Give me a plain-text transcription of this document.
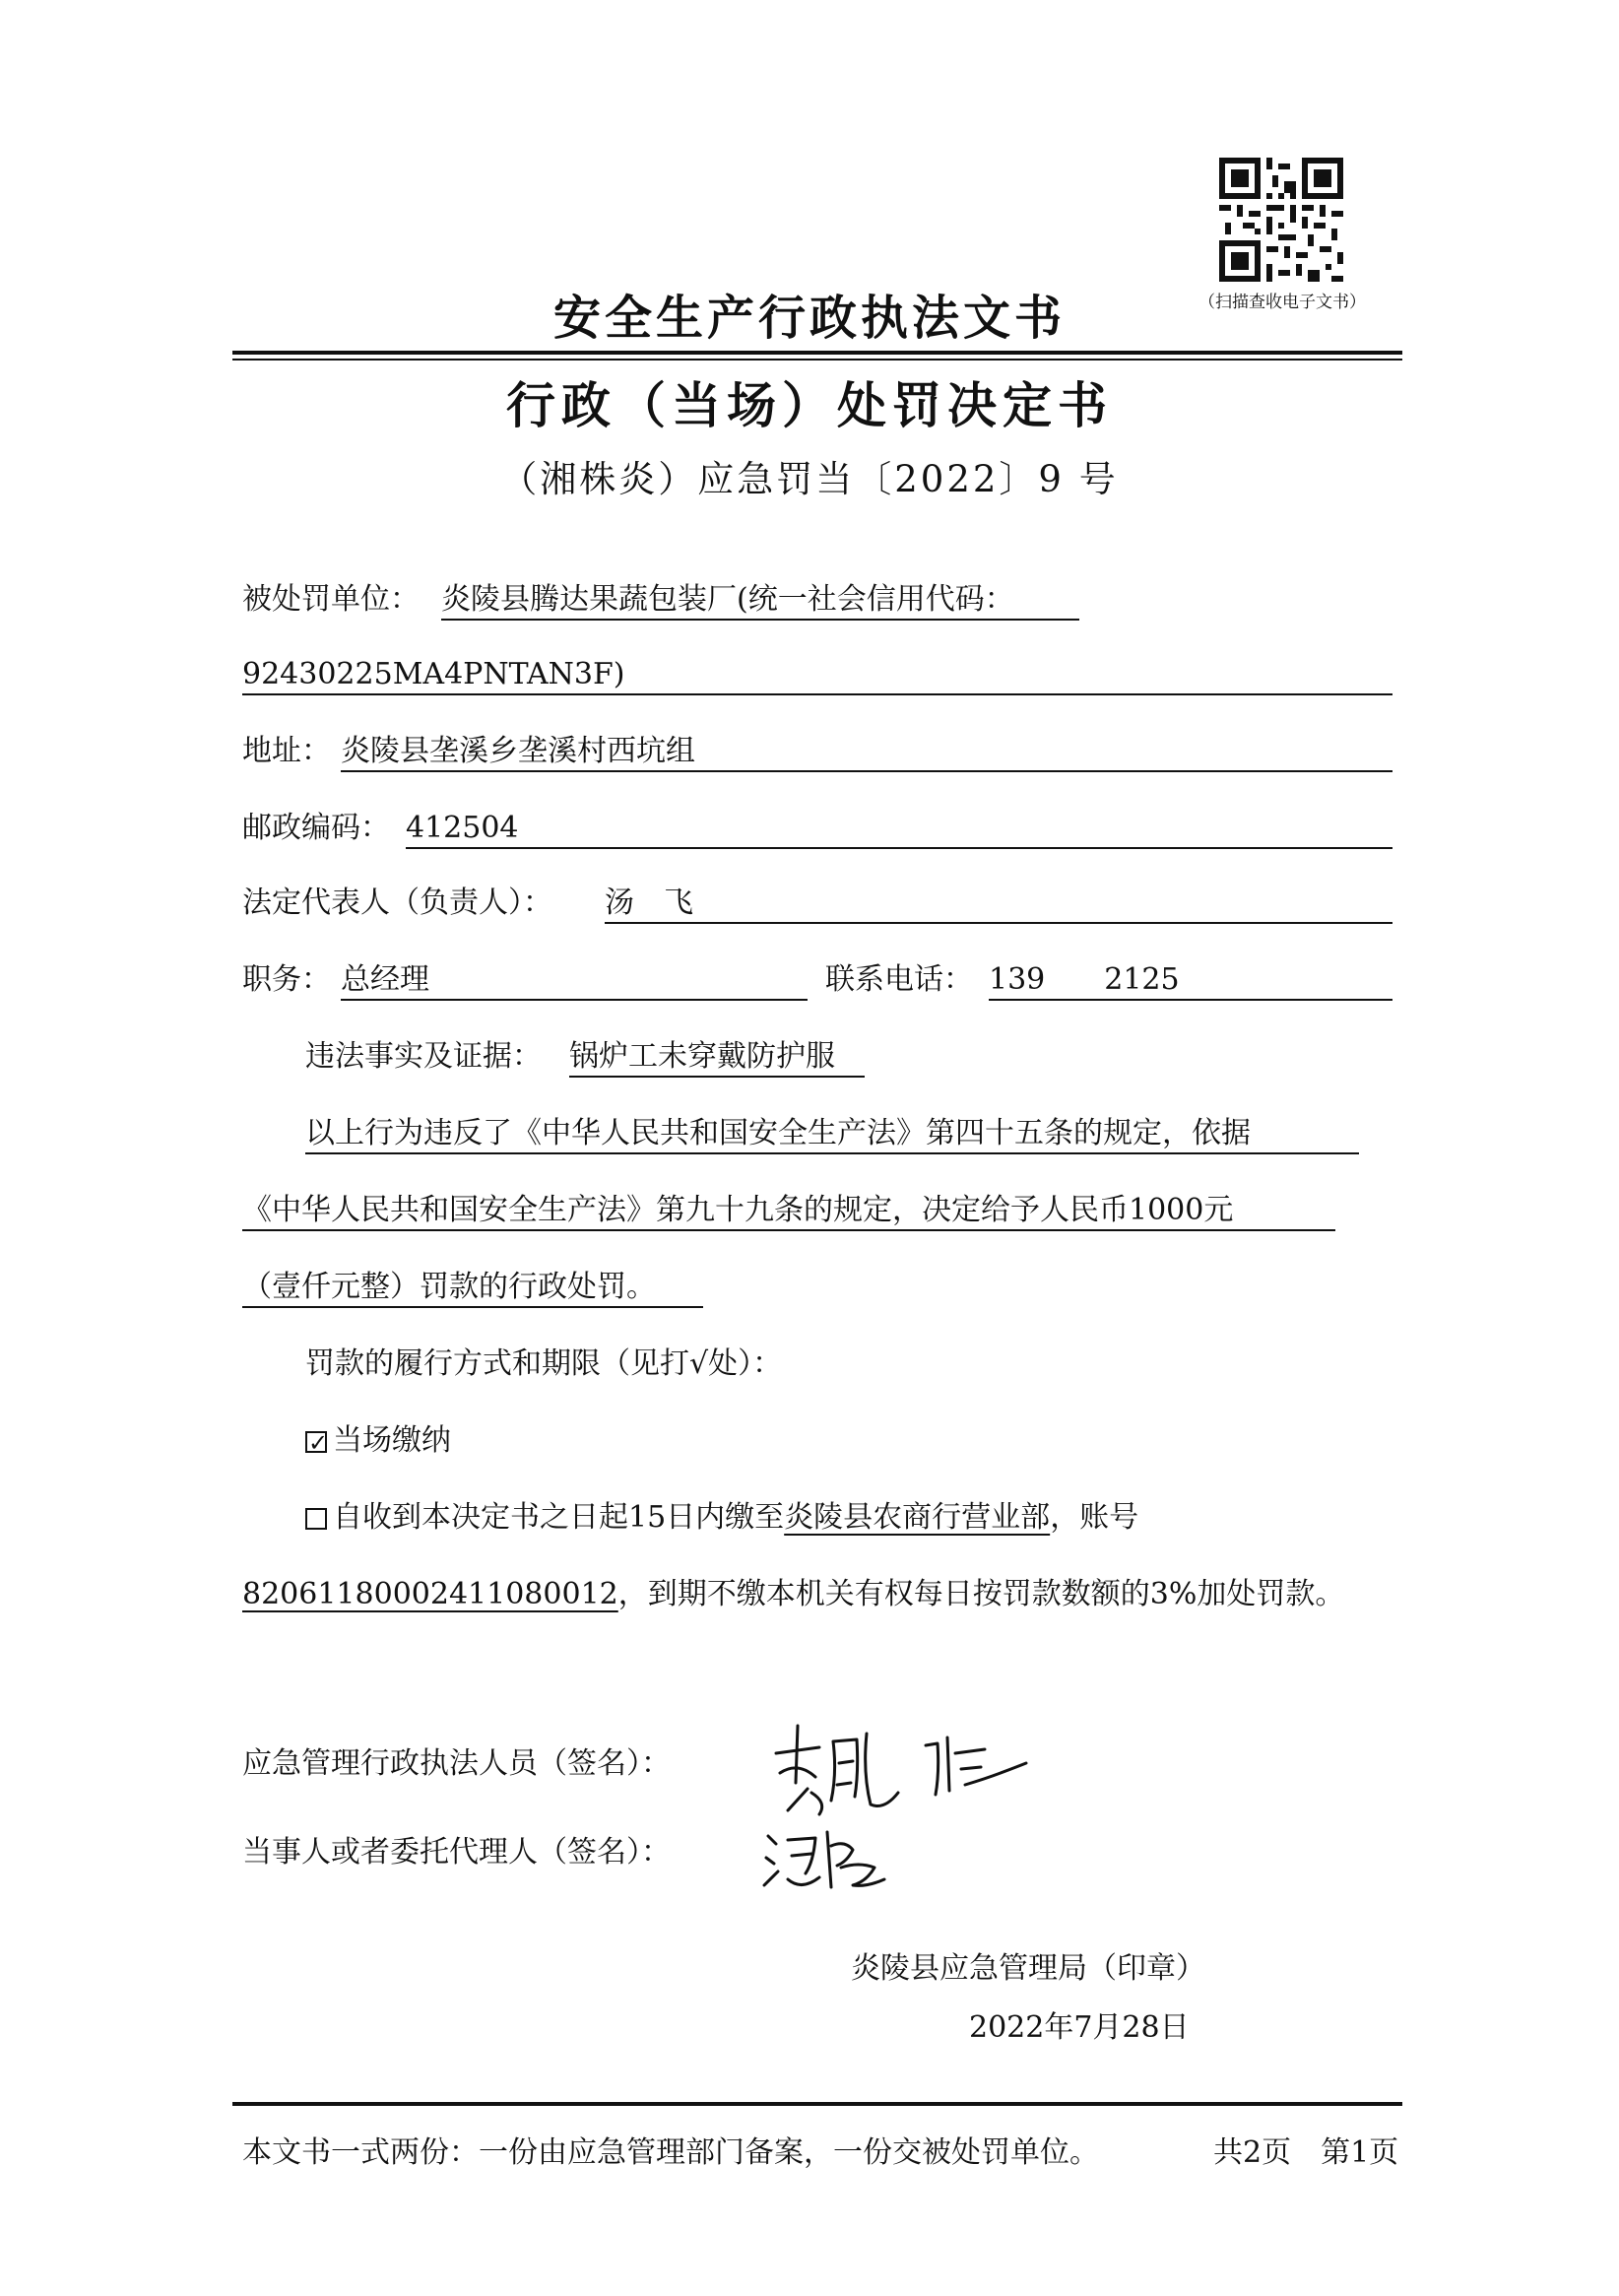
（扫描查收电子文书）
安全生产行政执法文书
行政（当场）处罚决定书
（湘株炎）应急罚当〔2022〕9 号
被处罚单位： 炎陵县腾达果蔬包装厂(统一社会信用代码：
92430225MA4PNTAN3F)
地址： 炎陵县垄溪乡垄溪村西坑组
邮政编码： 412504
法定代表人（负责人）： 汤　飞
职务： 总经理	联系电话： 139　　2125
违法事实及证据： 锅炉工未穿戴防护服
以上行为违反了《中华人民共和国安全生产法》第四十五条的规定，依据
《中华人民共和国安全生产法》第九十九条的规定，决定给予人民币1000元
（壹仟元整）罚款的行政处罚。
罚款的履行方式和期限（见打√处）：
✓ 当场缴纳
自收到本决定书之日起15日内缴至炎陵县农商行营业部，账号
82061180002411080012，到期不缴本机关有权每日按罚款数额的3%加处罚款。
应急管理行政执法人员（签名）：
当事人或者委托代理人（签名）：
炎陵县应急管理局（印章）
2022年7月28日
本文书一式两份：一份由应急管理部门备案，一份交被处罚单位。	共2页　第1页
